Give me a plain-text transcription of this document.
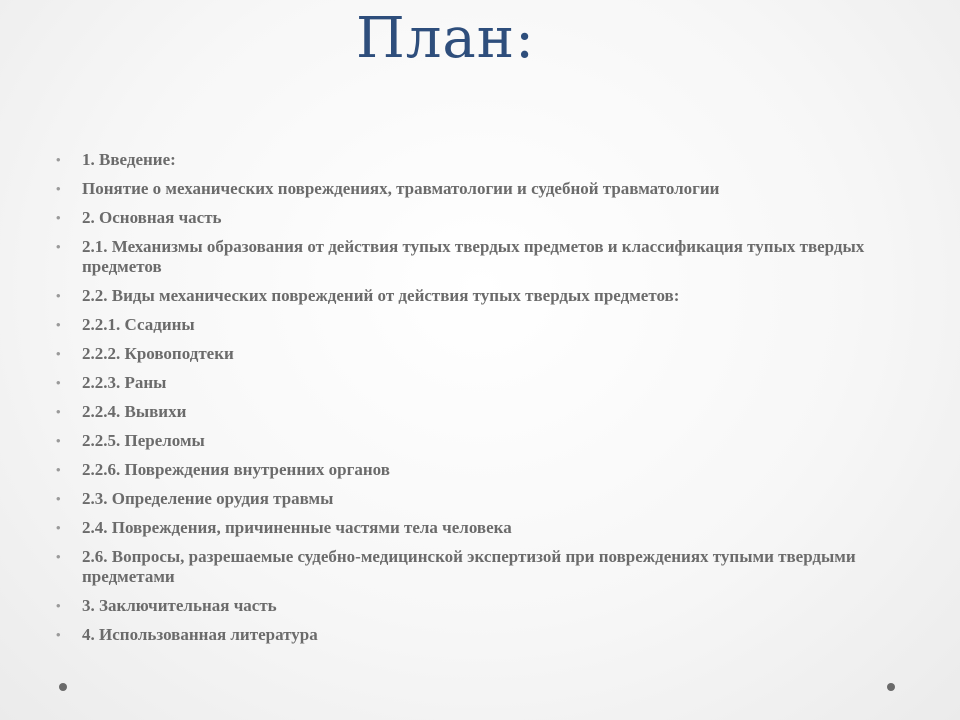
План:
• 1. Введение:
• Понятие о механических повреждениях, травматологии и судебной травматологии
• 2. Основная часть
• 2.1. Механизмы образования от действия тупых твердых предметов и классификация тупых твердых предметов
• 2.2. Виды механических повреждений от действия тупых твердых предметов:
• 2.2.1. Ссадины
• 2.2.2. Кровоподтеки
• 2.2.3. Раны
• 2.2.4. Вывихи
• 2.2.5. Переломы
• 2.2.6. Повреждения внутренних органов
• 2.3. Определение орудия травмы
• 2.4. Повреждения, причиненные частями тела человека
• 2.6. Вопросы, разрешаемые судебно-медицинской экспертизой при повреждениях тупыми твердыми предметами
• 3. Заключительная часть
• 4. Использованная литература
